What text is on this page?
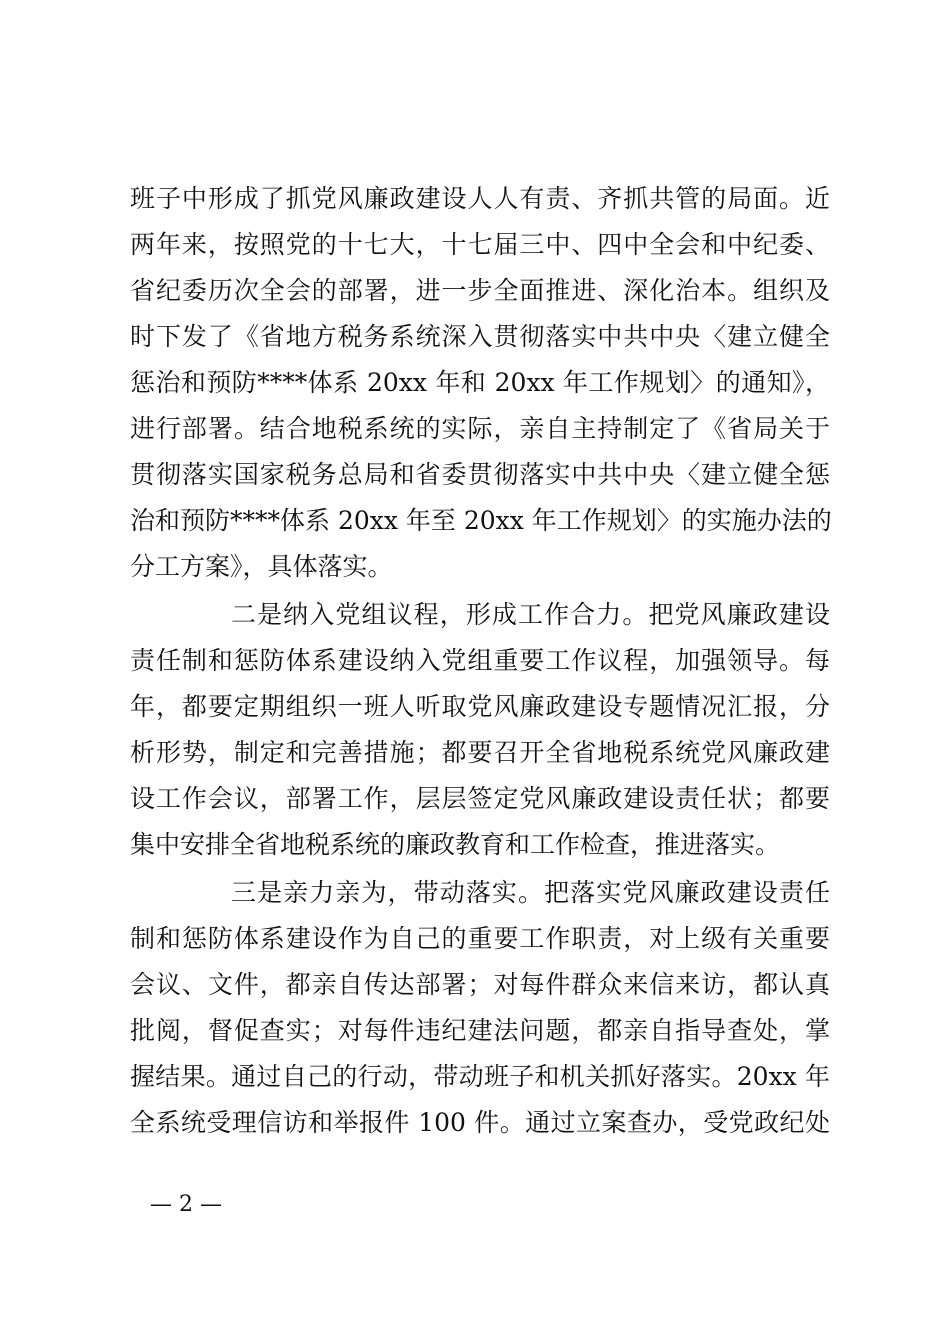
班子中形成了抓党风廉政建设人人有责、齐抓共管的局面。近
两年来，按照党的十七大，十七届三中、四中全会和中纪委、
省纪委历次全会的部署，进一步全面推进、深化治本。组织及
时下发了《省地方税务系统深入贯彻落实中共中央〈建立健全
惩治和预防****体系 20xx 年和 20xx 年工作规划〉的通知》，
进行部署。结合地税系统的实际，亲自主持制定了《省局关于
贯彻落实国家税务总局和省委贯彻落实中共中央〈建立健全惩
治和预防****体系 20xx 年至 20xx 年工作规划〉的实施办法的
分工方案》，具体落实。
二是纳入党组议程，形成工作合力。把党风廉政建设
责任制和惩防体系建设纳入党组重要工作议程，加强领导。每
年，都要定期组织一班人听取党风廉政建设专题情况汇报，分
析形势，制定和完善措施；都要召开全省地税系统党风廉政建
设工作会议，部署工作，层层签定党风廉政建设责任状；都要
集中安排全省地税系统的廉政教育和工作检查，推进落实。
三是亲力亲为，带动落实。把落实党风廉政建设责任
制和惩防体系建设作为自己的重要工作职责，对上级有关重要
会议、文件，都亲自传达部署；对每件群众来信来访，都认真
批阅，督促查实；对每件违纪建法问题，都亲自指导查处，掌
握结果。通过自己的行动，带动班子和机关抓好落实。20xx 年
全系统受理信访和举报件 100 件。通过立案查办，受党政纪处
— 2 —
